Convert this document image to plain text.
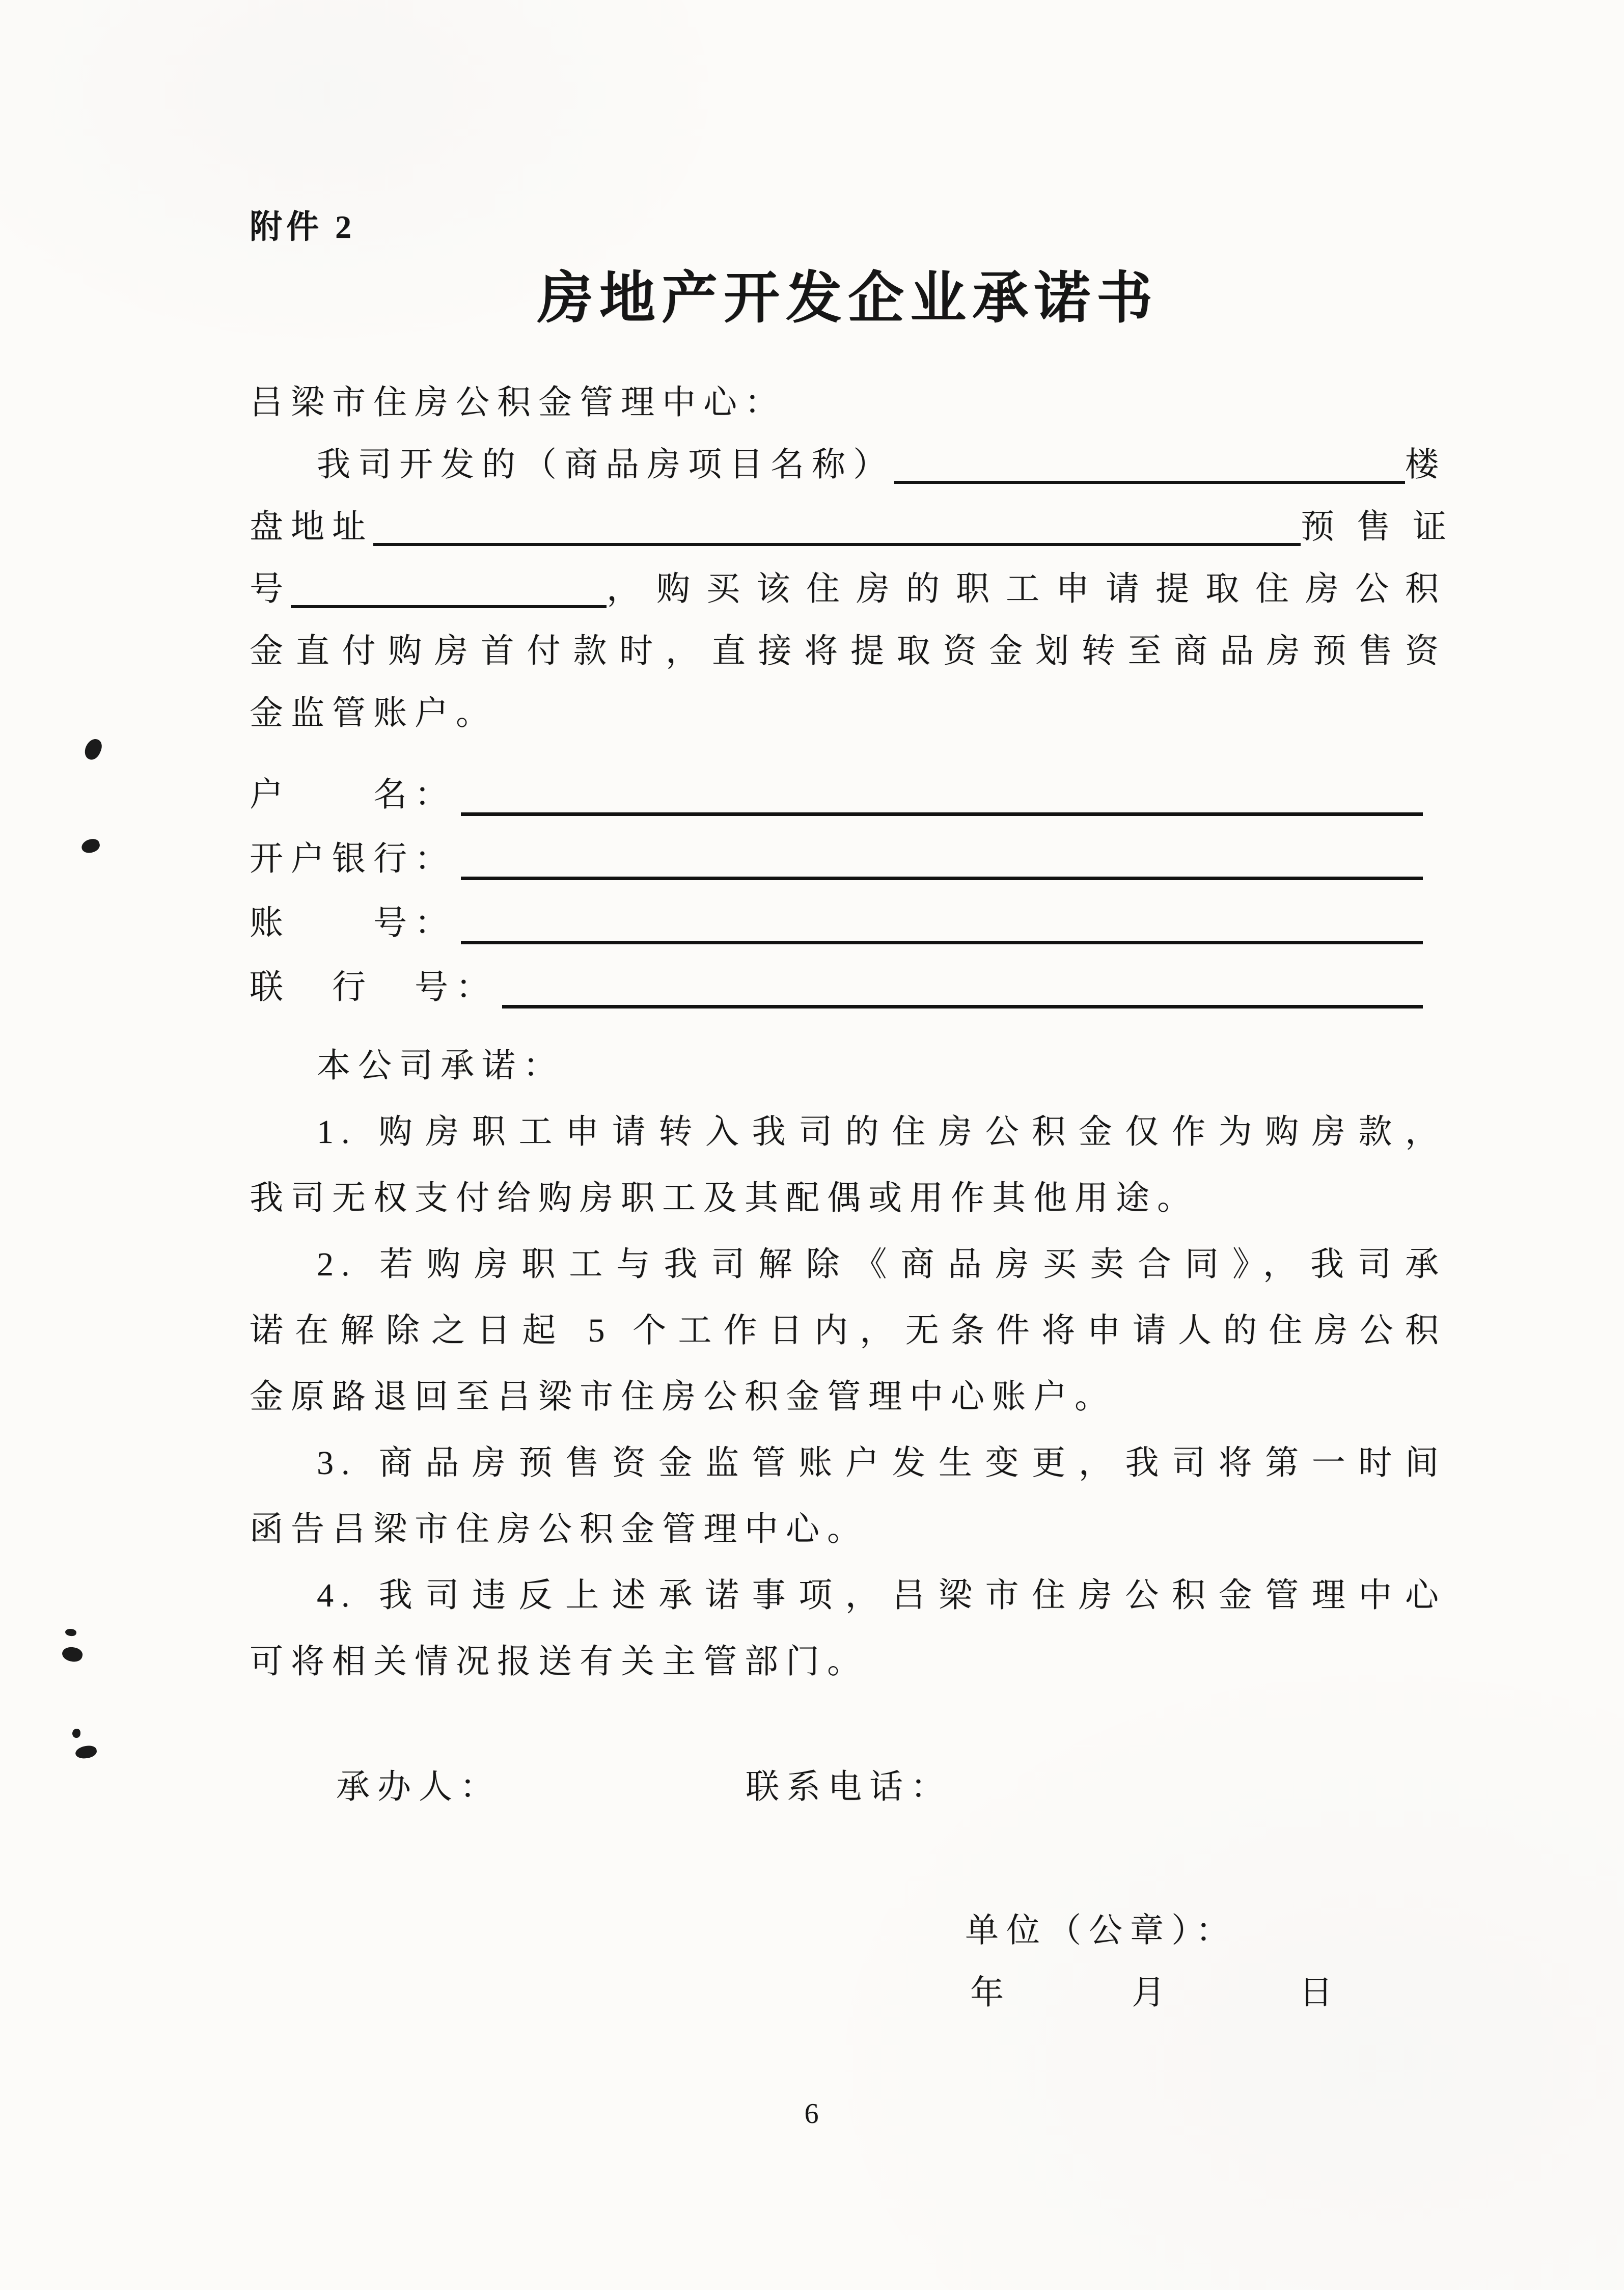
附件 2
房地产开发企业承诺书
吕梁市住房公积金管理中心：
我司开发的（商品房项目名称）	楼
盘地址	预售证
号	，购买该住房的职工申请提取住房公积
金直付购房首付款时，直接将提取资金划转至商品房预售资
金监管账户。
户　　名：
开户银行：
账　　号：
联　行　号：
本公司承诺：
1. 购房职工申请转入我司的住房公积金仅作为购房款，
我司无权支付给购房职工及其配偶或用作其他用途。
2. 若购房职工与我司解除《商品房买卖合同》，我司承
诺在解除之日起 5 个工作日内，无条件将申请人的住房公积
金原路退回至吕梁市住房公积金管理中心账户。
3. 商品房预售资金监管账户发生变更，我司将第一时间
函告吕梁市住房公积金管理中心。
4. 我司违反上述承诺事项，吕梁市住房公积金管理中心
可将相关情况报送有关主管部门。
承办人：	联系电话：
单位（公章）：
年	月	日
6
